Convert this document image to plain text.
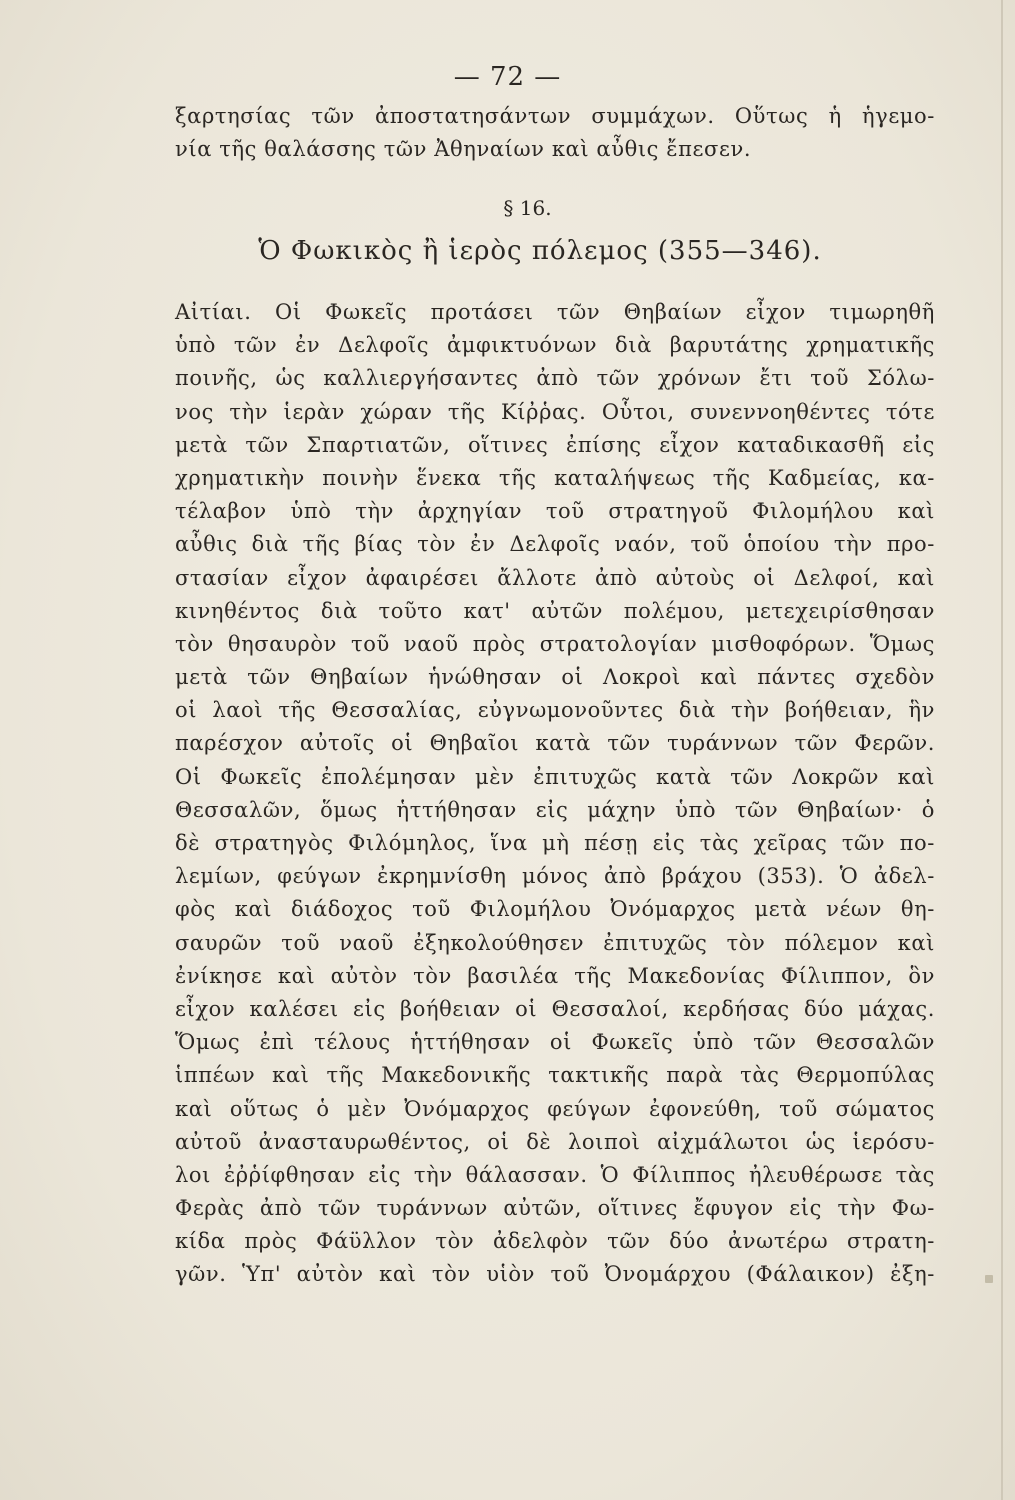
— 72 —
ξαρτησίας τῶν ἀποστατησάντων συμμάχων. Οὕτως ἡ ἡγεμο-
νία τῆς θαλάσσης τῶν Ἀθηναίων καὶ αὖθις ἔπεσεν.
§ 16.
Ὁ Φωκικὸς ἢ ἱερὸς πόλεμος (355—346).
Αἰτίαι. Οἱ Φωκεῖς προτάσει τῶν Θηβαίων εἶχον τιμωρηθῆ
ὑπὸ τῶν ἐν Δελφοῖς ἀμφικτυόνων διὰ βαρυτάτης χρηματικῆς
ποινῆς, ὡς καλλιεργήσαντες ἀπὸ τῶν χρόνων ἔτι τοῦ Σόλω-
νος τὴν ἱερὰν χώραν τῆς Κίῤῥας. Οὗτοι, συνεννοηθέντες τότε
μετὰ τῶν Σπαρτιατῶν, οἵτινες ἐπίσης εἶχον καταδικασθῆ εἰς
χρηματικὴν ποινὴν ἕνεκα τῆς καταλήψεως τῆς Καδμείας, κα-
τέλαβον ὑπὸ τὴν ἀρχηγίαν τοῦ στρατηγοῦ Φιλομήλου καὶ
αὖθις διὰ τῆς βίας τὸν ἐν Δελφοῖς ναόν, τοῦ ὁποίου τὴν προ-
στασίαν εἶχον ἀφαιρέσει ἄλλοτε ἀπὸ αὐτοὺς οἱ Δελφοί, καὶ
κινηθέντος διὰ τοῦτο κατ' αὐτῶν πολέμου, μετεχειρίσθησαν
τὸν θησαυρὸν τοῦ ναοῦ πρὸς στρατολογίαν μισθοφόρων. Ὅμως
μετὰ τῶν Θηβαίων ἡνώθησαν οἱ Λοκροὶ καὶ πάντες σχεδὸν
οἱ λαοὶ τῆς Θεσσαλίας, εὐγνωμονοῦντες διὰ τὴν βοήθειαν, ἣν
παρέσχον αὐτοῖς οἱ Θηβαῖοι κατὰ τῶν τυράννων τῶν Φερῶν.
Οἱ Φωκεῖς ἐπολέμησαν μὲν ἐπιτυχῶς κατὰ τῶν Λοκρῶν καὶ
Θεσσαλῶν, ὅμως ἡττήθησαν εἰς μάχην ὑπὸ τῶν Θηβαίων· ὁ
δὲ στρατηγὸς Φιλόμηλος, ἵνα μὴ πέσῃ εἰς τὰς χεῖρας τῶν πο-
λεμίων, φεύγων ἐκρημνίσθη μόνος ἀπὸ βράχου (353). Ὁ ἀδελ-
φὸς καὶ διάδοχος τοῦ Φιλομήλου Ὀνόμαρχος μετὰ νέων θη-
σαυρῶν τοῦ ναοῦ ἐξηκολούθησεν ἐπιτυχῶς τὸν πόλεμον καὶ
ἐνίκησε καὶ αὐτὸν τὸν βασιλέα τῆς Μακεδονίας Φίλιππον, ὃν
εἶχον καλέσει εἰς βοήθειαν οἱ Θεσσαλοί, κερδήσας δύο μάχας.
Ὅμως ἐπὶ τέλους ἡττήθησαν οἱ Φωκεῖς ὑπὸ τῶν Θεσσαλῶν
ἱππέων καὶ τῆς Μακεδονικῆς τακτικῆς παρὰ τὰς Θερμοπύλας
καὶ οὕτως ὁ μὲν Ὀνόμαρχος φεύγων ἐφονεύθη, τοῦ σώματος
αὐτοῦ ἀνασταυρωθέντος, οἱ δὲ λοιποὶ αἰχμάλωτοι ὡς ἱερόσυ-
λοι ἐῤῥίφθησαν εἰς τὴν θάλασσαν. Ὁ Φίλιππος ἠλευθέρωσε τὰς
Φερὰς ἀπὸ τῶν τυράννων αὐτῶν, οἵτινες ἔφυγον εἰς τὴν Φω-
κίδα πρὸς Φάϋλλον τὸν ἀδελφὸν τῶν δύο ἀνωτέρω στρατη-
γῶν. Ὑπ' αὐτὸν καὶ τὸν υἱὸν τοῦ Ὀνομάρχου (Φάλαικον) ἐξη-
